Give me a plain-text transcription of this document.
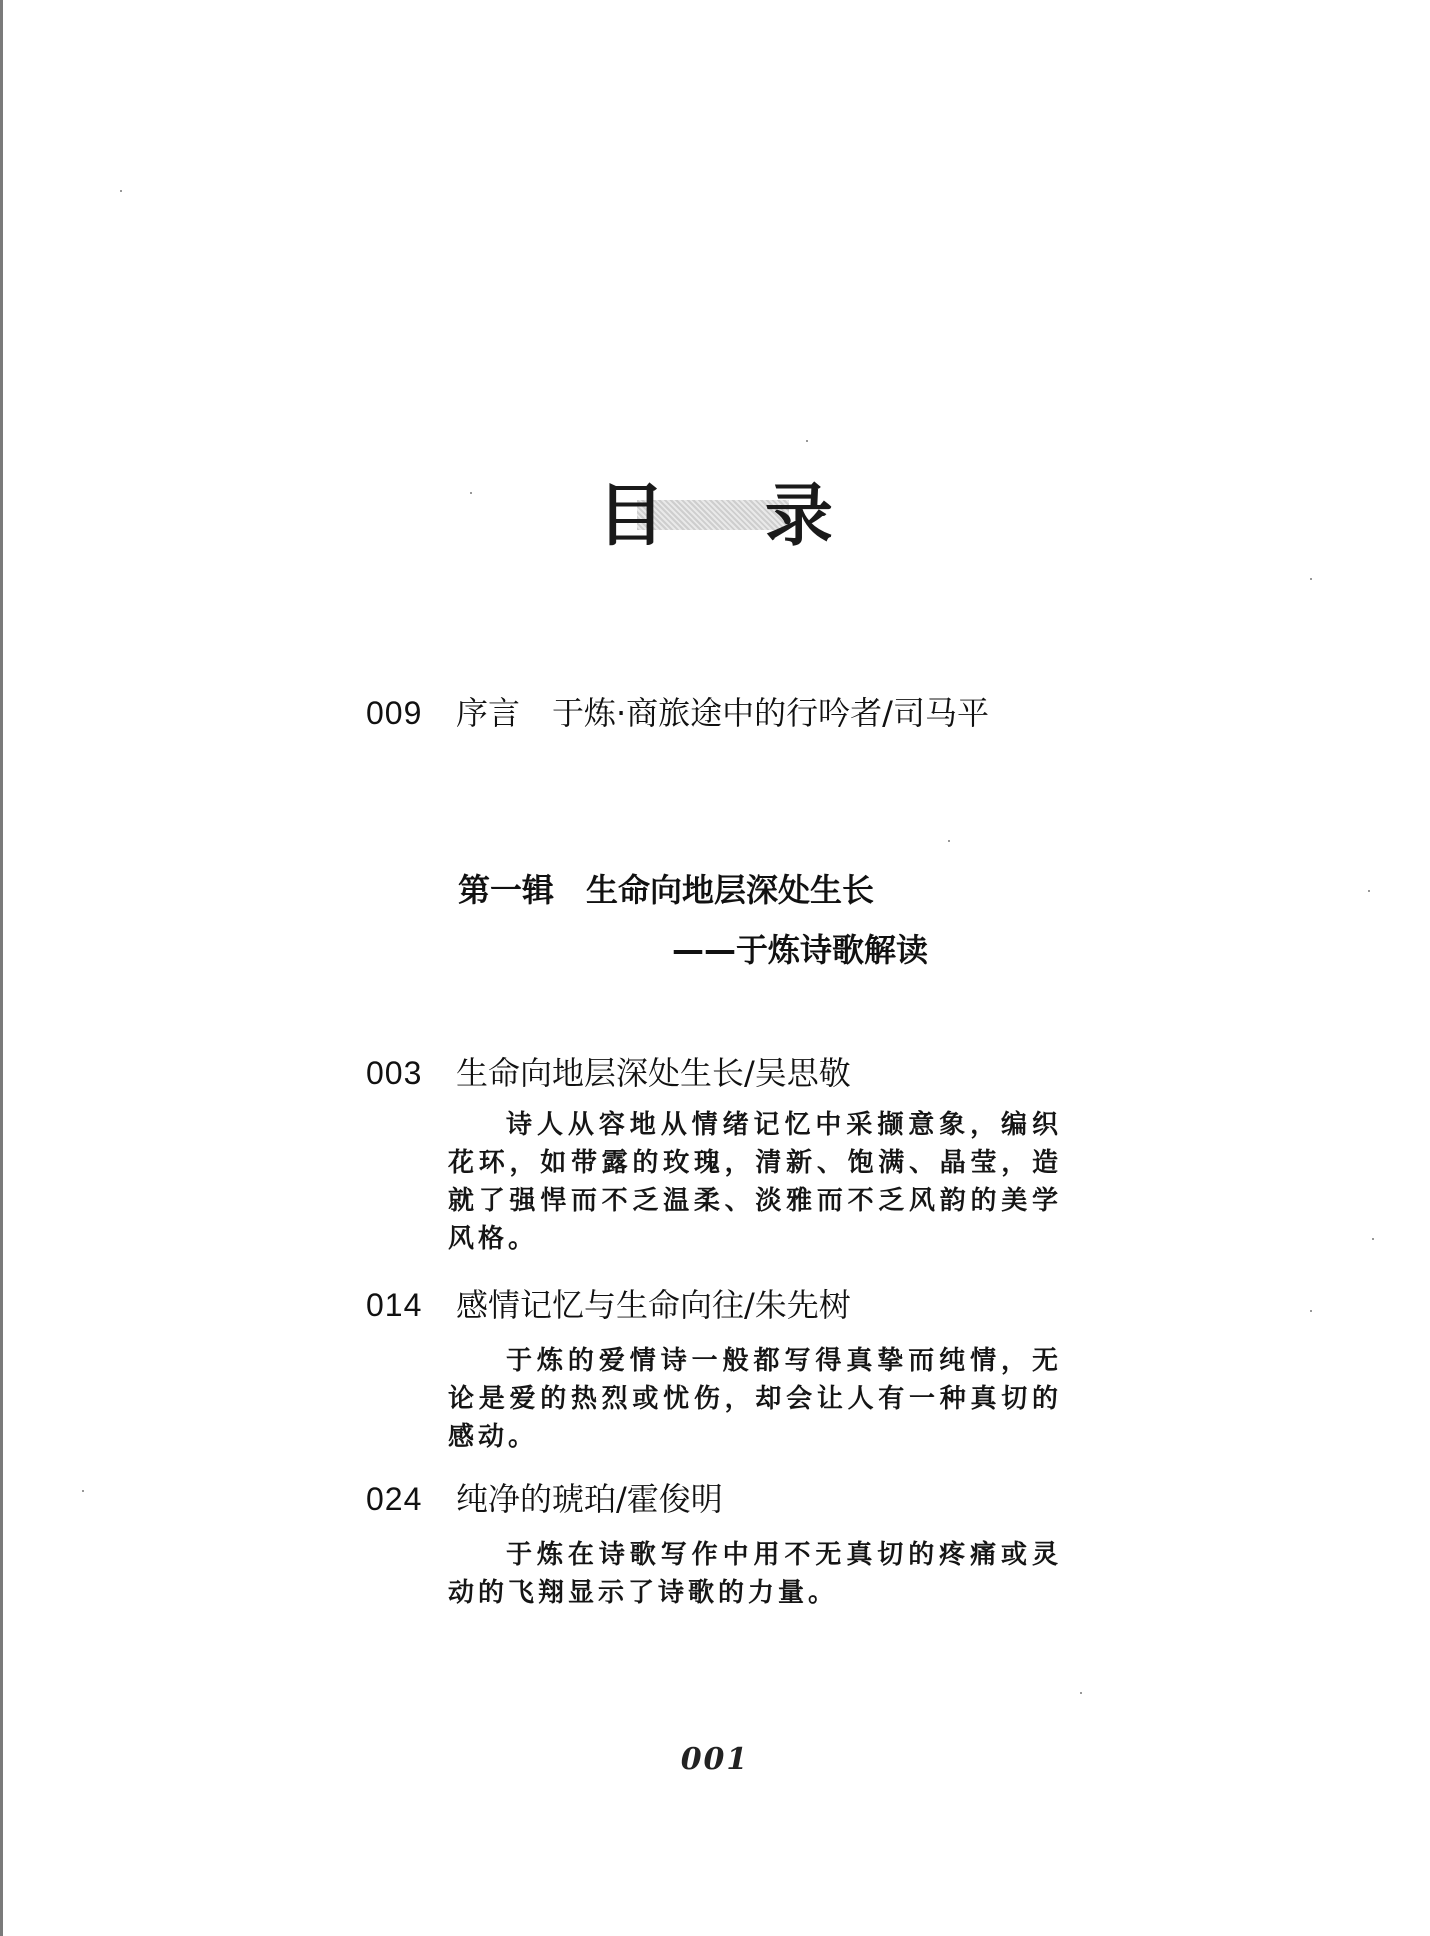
目 录
009 序言　于炼·商旅途中的行吟者/司马平
第一辑　生命向地层深处生长
——于炼诗歌解读
003 生命向地层深处生长/吴思敬
诗人从容地从情绪记忆中采撷意象，编织花环，如带露的玫瑰，清新、饱满、晶莹，造就了强悍而不乏温柔、淡雅而不乏风韵的美学风格。
014 感情记忆与生命向往/朱先树
于炼的爱情诗一般都写得真挚而纯情，无论是爱的热烈或忧伤，却会让人有一种真切的感动。
024 纯净的琥珀/霍俊明
于炼在诗歌写作中用不无真切的疼痛或灵动的飞翔显示了诗歌的力量。
001
